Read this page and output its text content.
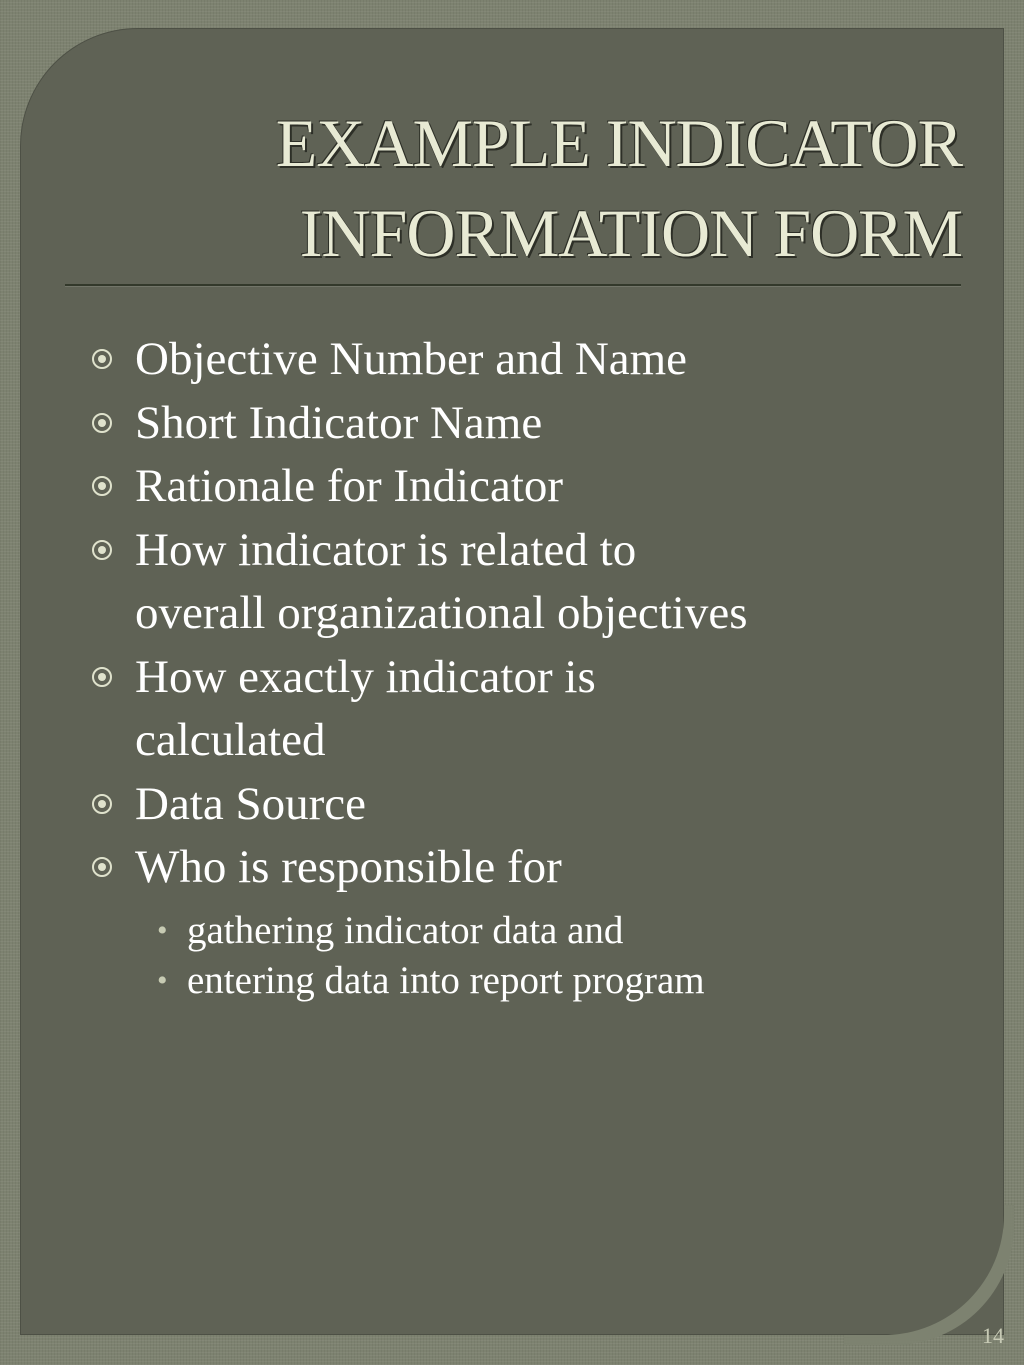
EXAMPLE INDICATOR
INFORMATION FORM
Objective Number and Name
Short Indicator Name
Rationale for Indicator
How indicator is related to
overall organizational objectives
How exactly indicator is
calculated
Data Source
Who is responsible for
• gathering indicator data and
• entering data into report program
14
